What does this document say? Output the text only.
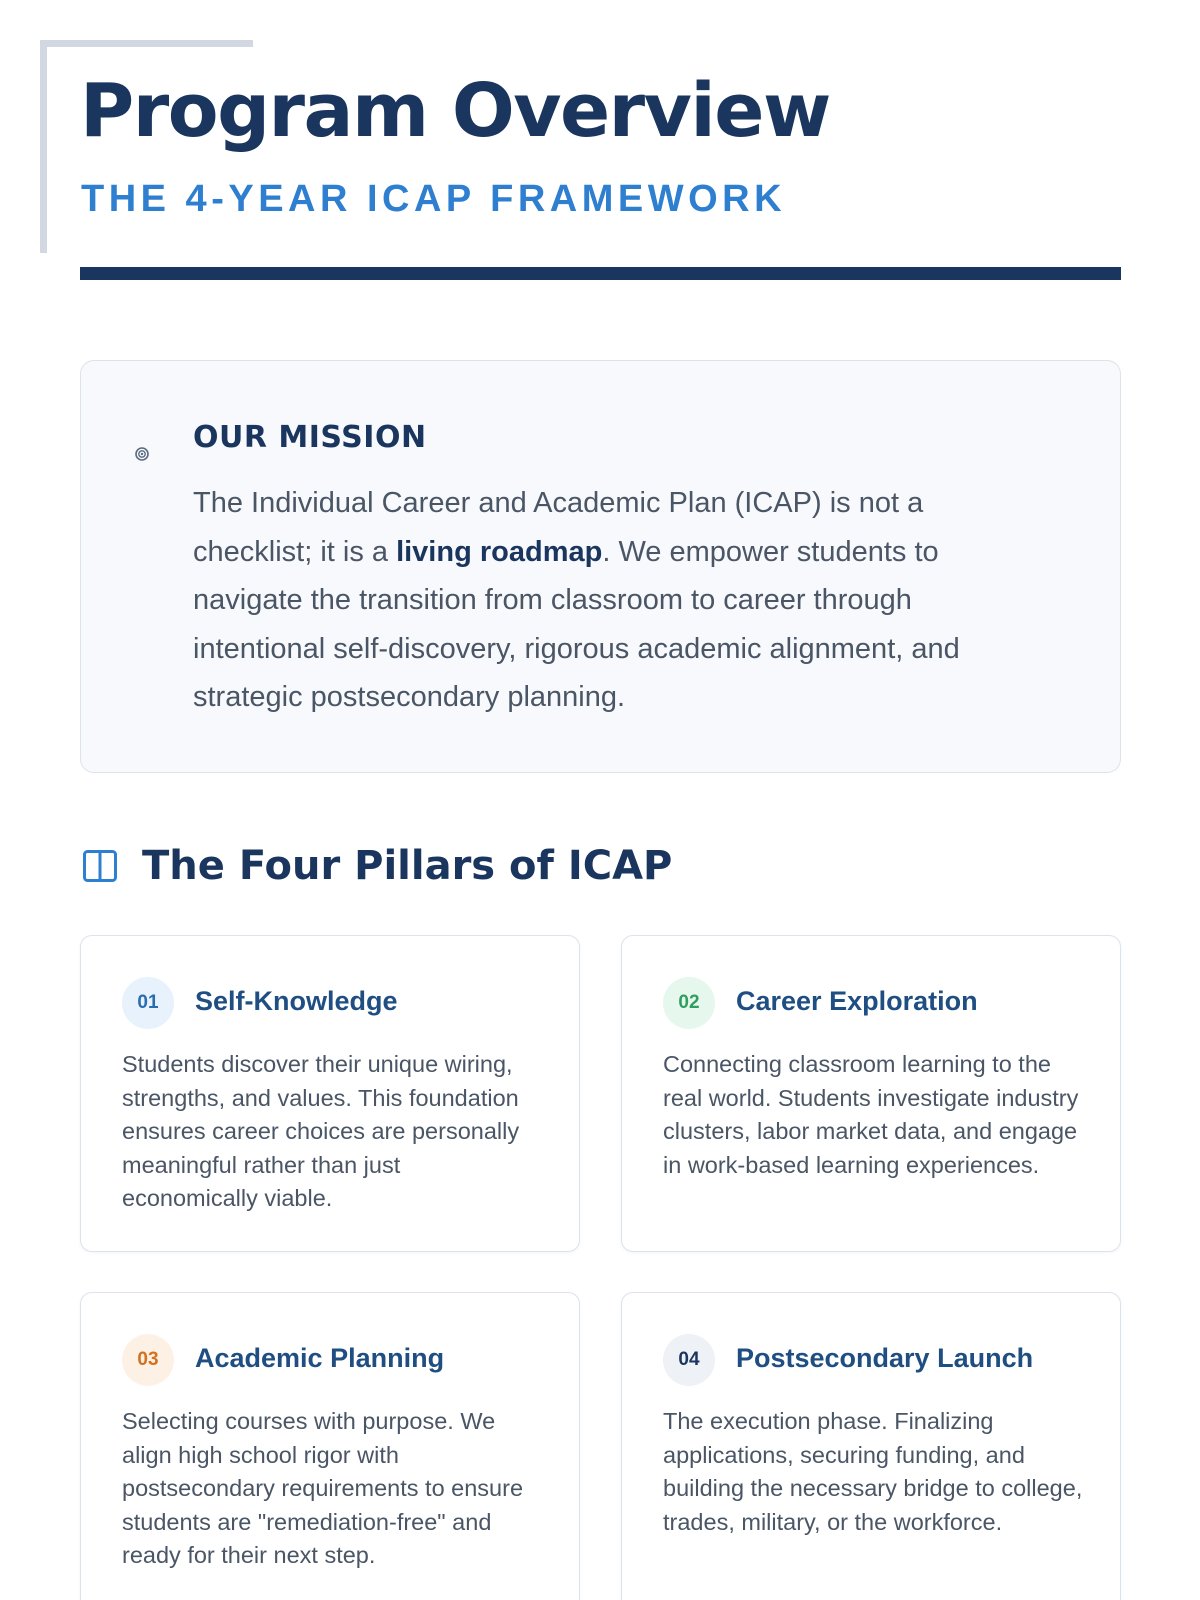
Program Overview
THE 4-YEAR ICAP FRAMEWORK
OUR MISSION

The Individual Career and Academic Plan (ICAP) is not a checklist; it is a living roadmap. We empower students to navigate the transition from classroom to career through intentional self-discovery, rigorous academic alignment, and strategic postsecondary planning.

The Four Pillars of ICAP
01	Self-Knowledge
Students discover their unique wiring, strengths, and values. This foundation ensures career choices are personally meaningful rather than just economically viable.
02	Career Exploration
Connecting classroom learning to the real world. Students investigate industry clusters, labor market data, and engage in work-based learning experiences.
03	Academic Planning
Selecting courses with purpose. We align high school rigor with postsecondary requirements to ensure students are "remediation-free" and ready for their next step.
04	Postsecondary Launch
The execution phase. Finalizing applications, securing funding, and building the necessary bridge to college, trades, military, or the workforce.
